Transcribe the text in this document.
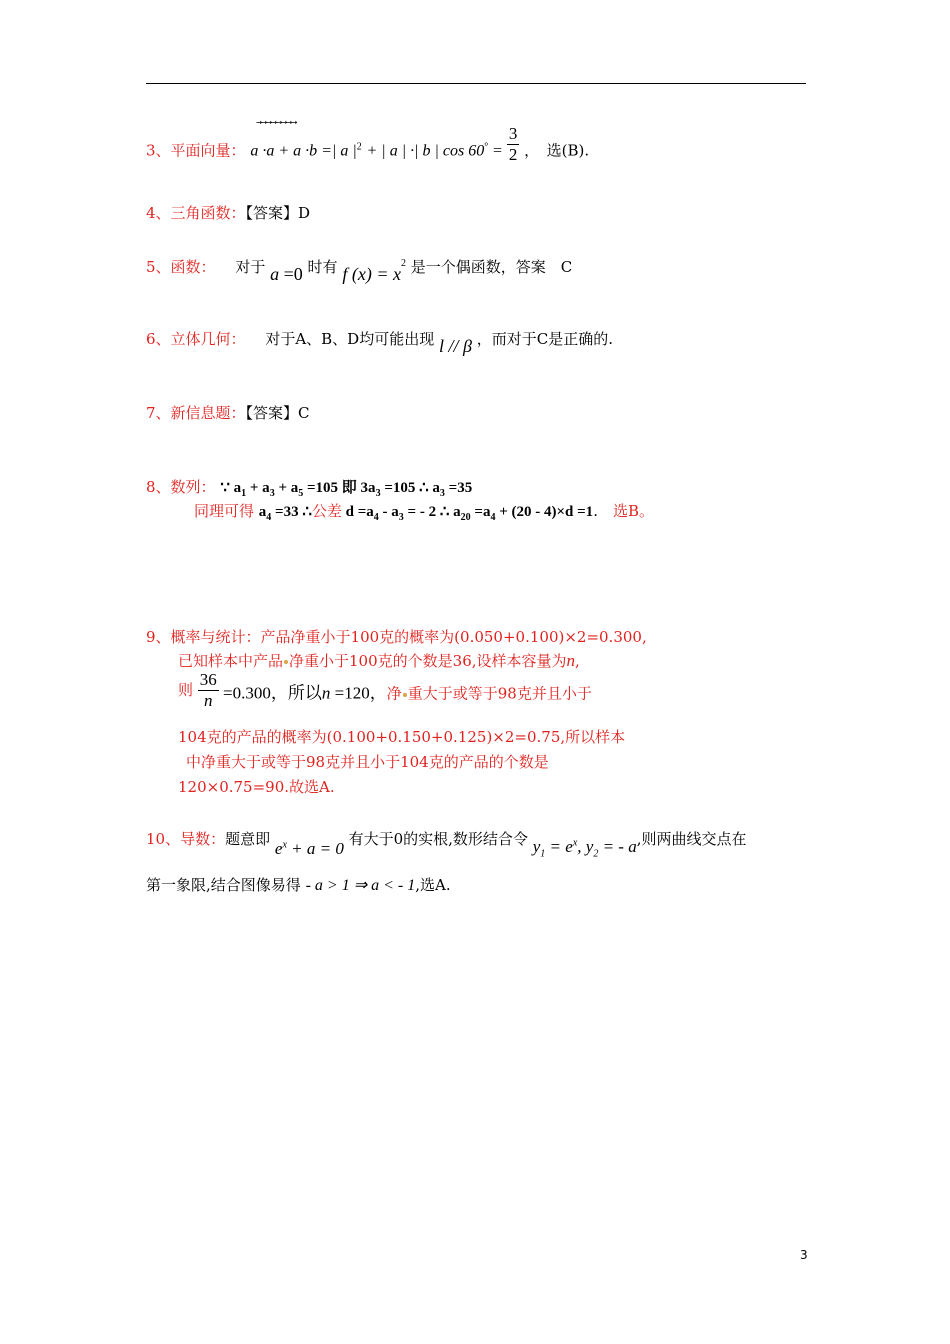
→→→→→→→→
3、平面向量： a ·a + a ·b =| a $|^2$ + | a | ·| b | $\cos 60^\circ = \frac{3}{2}$ ，　选(B).
4、三角函数：【答案】D
5、函数： 　对于 a =0 时有 f $(x) = x^2$ 是一个偶函数，答案　C
6、立体几何： 　对于A、B、D均可能出现 l // β ，而对于C是正确的.
7、新信息题：【答案】C
8、数列： ∵ $a_1 + a_3 + a_5 =105$ 即 $3a_3 =105$ ∴ $a_3 =35$
同理可得 $a_4 =33$ ∴公差 $d =a_4 - a_3$ = - 2 ∴ $a_{20} =a_4 + (20 - 4)\times d =1$.　选B。
9、概率与统计：产品净重小于100克的概率为(0.050+0.100)×2=0.300,
已知样本中产品 净重小于100克的个数是36,设样本容量为n,
则 $\frac{36}{n} =0.300$，所以n =120，净 重大于或等于98克并且小于
104克的产品的概率为(0.100+0.150+0.125)×2=0.75,所以样本
中净重大于或等于98克并且小于104克的产品的个数是
120×0.75=90.故选A.
10、导数：题意即 $e^x + a = 0$ 有大于0的实根,数形结合令 $y_1 = e^x$, $y_2$ = - a,则两曲线交点在
第一象限,结合图像易得 - a > 1 ⇒ a < - 1,选A.
3
